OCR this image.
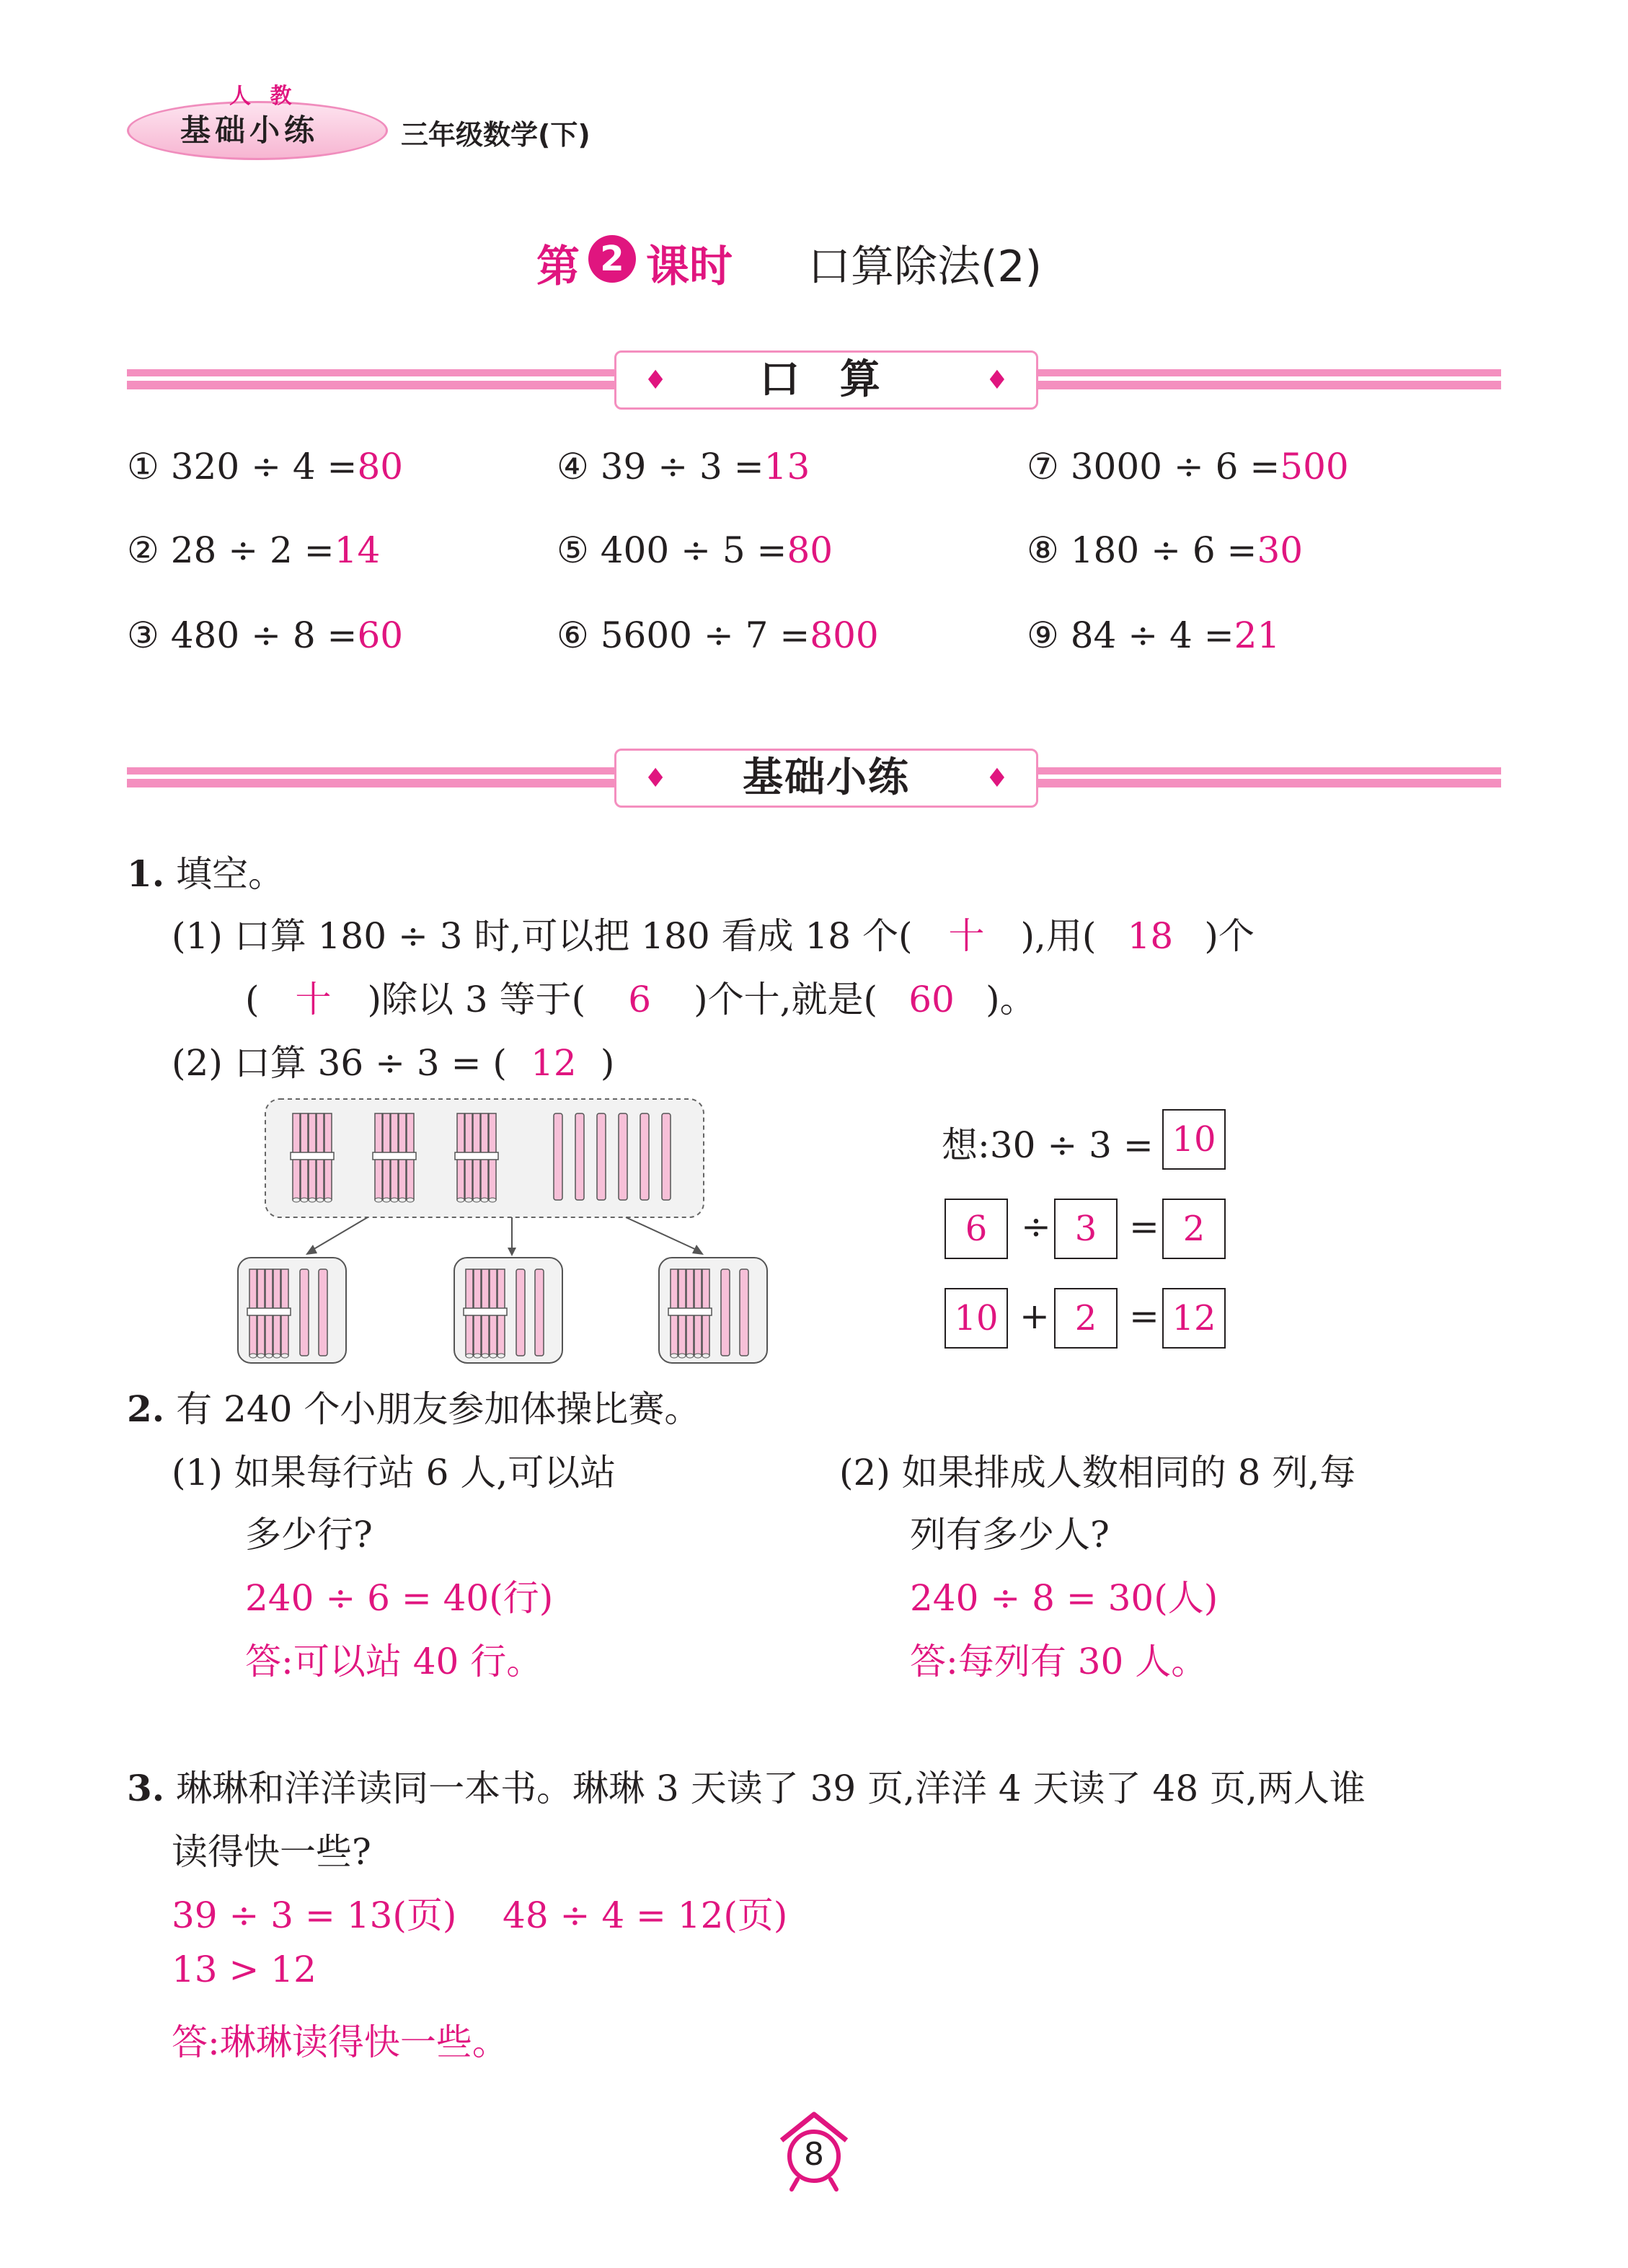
人 教
基础小练	三年级数学(下)
第 2 课时 口算除法(2)
♦ 口 算	♦
① 320 ÷ 4 =80
② 28 ÷ 2 =14
③ 480 ÷ 8 =60
④ 39 ÷ 3 =13
⑤ 400 ÷ 5 =80
⑥ 5600 ÷ 7 =800
⑦ 3000 ÷ 6 =500
⑧ 180 ÷ 6 =30
⑨ 84 ÷ 4 =21
♦ 基础小练	♦
1. 填空。
(1) 口算 180 ÷ 3 时,可以把 180 看成 18 个( 十 ),用( 18 )个
( 十 )除以 3 等于( 6 )个十,就是( 60 )。
(2) 口算 36 ÷ 3 = ( 12 )
想:30 ÷ 3 = 10
6 ÷ 3 = 2
10 + 2 = 12
2. 有 240 个小朋友参加体操比赛。
(1) 如果每行站 6 人,可以站
多少行?
240 ÷ 6 = 40(行)
答:可以站 40 行。
(2) 如果排成人数相同的 8 列,每
列有多少人?
240 ÷ 8 = 30(人)
答:每列有 30 人。
3. 琳琳和洋洋读同一本书。琳琳 3 天读了 39 页,洋洋 4 天读了 48 页,两人谁
读得快一些?
39 ÷ 3 = 13(页)    48 ÷ 4 = 12(页)
13 > 12
答:琳琳读得快一些。
8
